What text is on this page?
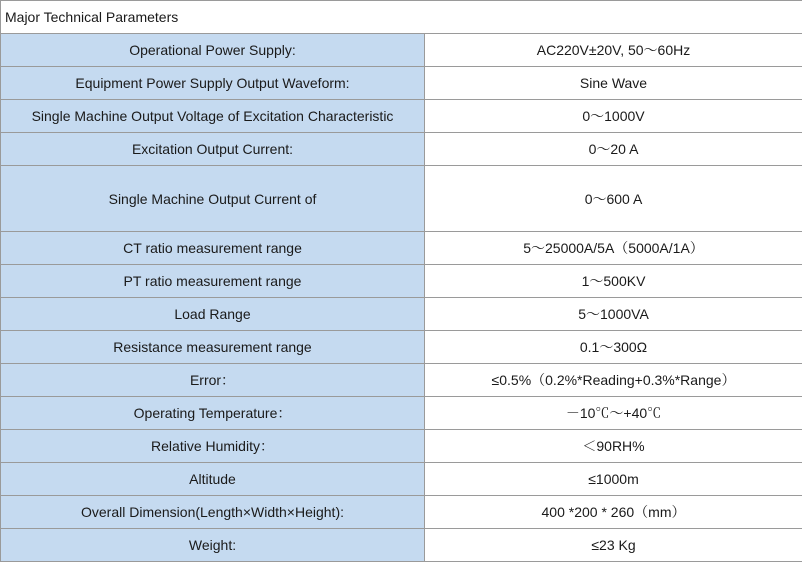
Major Technical Parameters	
Operational Power Supply:	AC220V±20V, 50～60Hz
Equipment Power Supply Output Waveform:	Sine Wave
Single Machine Output Voltage of Excitation Characteristic	0～1000V
Excitation Output Current:	0～20 A
Single Machine Output Current of	0～600 A
CT ratio measurement range	5～25000A/5A（5000A/1A）
PT ratio measurement range	1～500KV
Load Range	5～1000VA
Resistance measurement range	0.1～300Ω
Error：	≤0.5%（0.2%*Reading+0.3%*Range）
Operating Temperature：	－10℃～+40℃
Relative Humidity：	＜90RH%
Altitude	≤1000m
Overall Dimension(Length×Width×Height):	400 *200 * 260（mm）
Weight:	≤23 Kg
